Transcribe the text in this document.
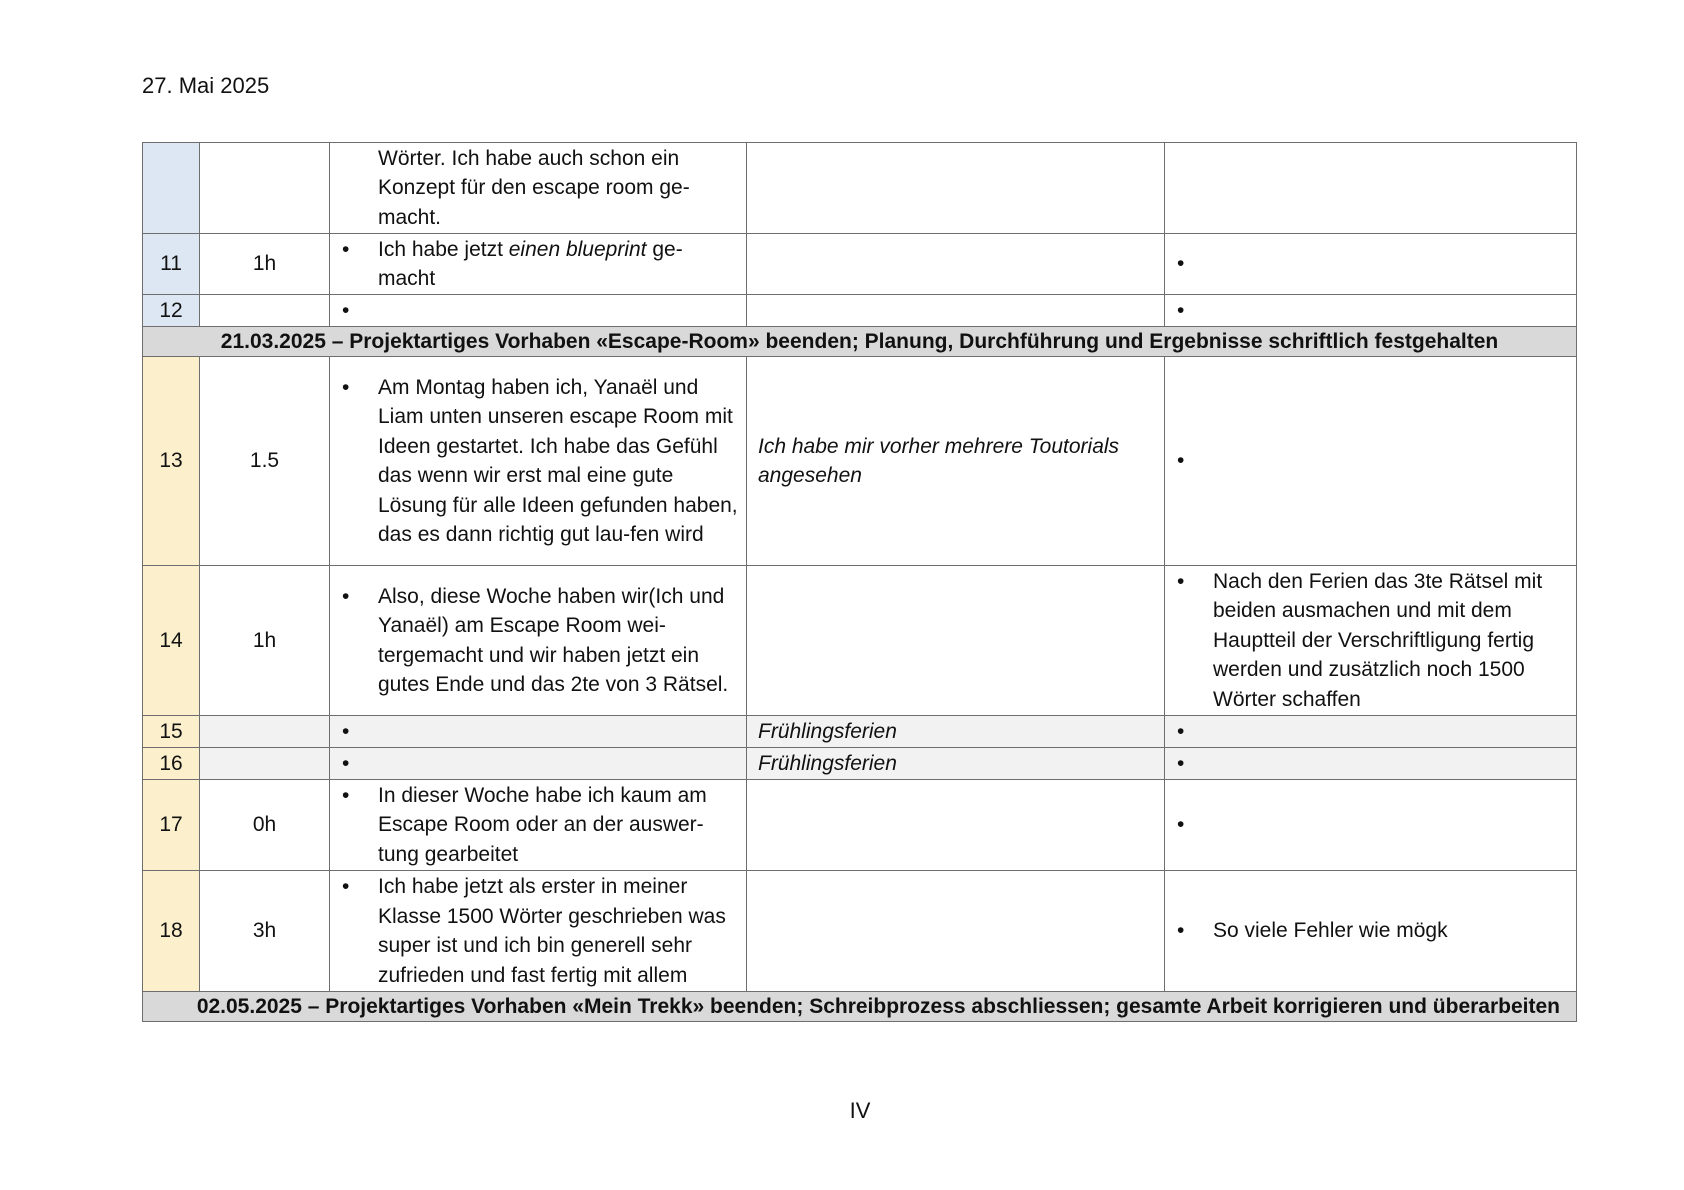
27. Mai 2025

		Wörter. Ich habe auch schon ein Konzept für den escape room ge-macht.		

11	1h	• Ich habe jetzt einen blueprint ge-macht		•

12		•		•

21.03.2025 – Projektartiges Vorhaben «Escape-Room» beenden; Planung, Durchführung und Ergebnisse schriftlich festgehalten				
13	1.5	• Am Montag haben ich, Yanaël und Liam unten unseren escape Room mit Ideen gestartet. Ich habe das Gefühl das wenn wir erst mal eine gute Lösung für alle Ideen gefunden haben, das es dann richtig gut lau-fen wird	Ich habe mir vorher mehrere Toutorials angesehen	•

14	1h	• Also, diese Woche haben wir(Ich und Yanaël) am Escape Room wei-tergemacht und wir haben jetzt ein gutes Ende und das 2te von 3 Rätsel.		• Nach den Ferien das 3te Rätsel mit beiden ausmachen und mit dem Hauptteil der Verschriftligung fertig werden und zusätzlich noch 1500 Wörter schaffen

15		•	Frühlingsferien	•

16		•	Frühlingsferien	•

17	0h	• In dieser Woche habe ich kaum am Escape Room oder an der auswer-tung gearbeitet		•

18	3h	• Ich habe jetzt als erster in meiner Klasse 1500 Wörter geschrieben was super ist und ich bin generell sehr zufrieden und fast fertig mit allem		• So viele Fehler wie mögk

02.05.2025 – Projektartiges Vorhaben «Mein Trekk» beenden; Schreibprozess abschliessen; gesamte Arbeit korrigieren und überarbeiten				
IV
